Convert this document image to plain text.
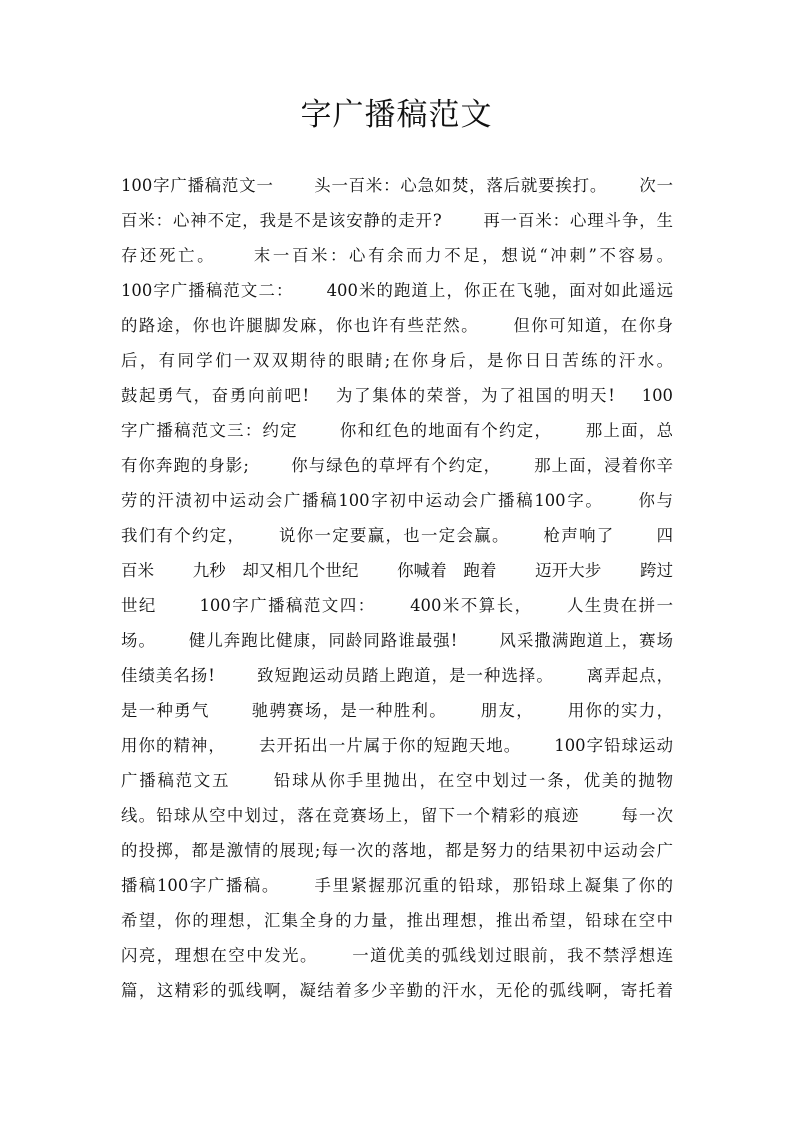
字广播稿范文
100字广播稿范文一　　 头一百米：心急如焚，落后就要挨打。　　 次一
百米：心神不定，我是不是该安静的走开?　　 再一百米：心理斗争，生
存还死亡。　　 末一百米：心有余而力不足，想说“冲刺”不容易。
100字广播稿范文二：　　 400米的跑道上，你正在飞驰，面对如此遥远
的路途，你也许腿脚发麻，你也许有些茫然。　　 但你可知道，在你身
后，有同学们一双双期待的眼睛;在你身后，是你日日苦练的汗水。
鼓起勇气，奋勇向前吧!　 为了集体的荣誉，为了祖国的明天!　 100
字广播稿范文三：约定　　 你和红色的地面有个约定，　　 那上面，总
有你奔跑的身影;　　 你与绿色的草坪有个约定，　　 那上面，浸着你辛
劳的汗渍初中运动会广播稿100字初中运动会广播稿100字。　　 你与
我们有个约定，　　 说你一定要赢，也一定会赢。　　 枪声响了　　 四
百米　　 九秒　却又相几个世纪　　 你喊着　跑着　　 迈开大步　　 跨过
世纪　　 100字广播稿范文四：　　 400米不算长，　　 人生贵在拼一
场。　　 健儿奔跑比健康，同龄同路谁最强!　　 风采撒满跑道上，赛场
佳绩美名扬!　　 致短跑运动员踏上跑道，是一种选择。　　 离弄起点，
是一种勇气　　 驰骋赛场，是一种胜利。　　 朋友，　　 用你的实力，
用你的精神，　　 去开拓出一片属于你的短跑天地。　　 100字铅球运动
广播稿范文五　　 铅球从你手里抛出，在空中划过一条，优美的抛物
线。铅球从空中划过，落在竞赛场上，留下一个精彩的痕迹　　 每一次
的投掷，都是激情的展现;每一次的落地，都是努力的结果初中运动会广
播稿100字广播稿。　　 手里紧握那沉重的铅球，那铅球上凝集了你的
希望，你的理想，汇集全身的力量，推出理想，推出希望，铅球在空中
闪亮，理想在空中发光。　　 一道优美的弧线划过眼前，我不禁浮想连
篇，这精彩的弧线啊，凝结着多少辛勤的汗水，无伦的弧线啊，寄托着
